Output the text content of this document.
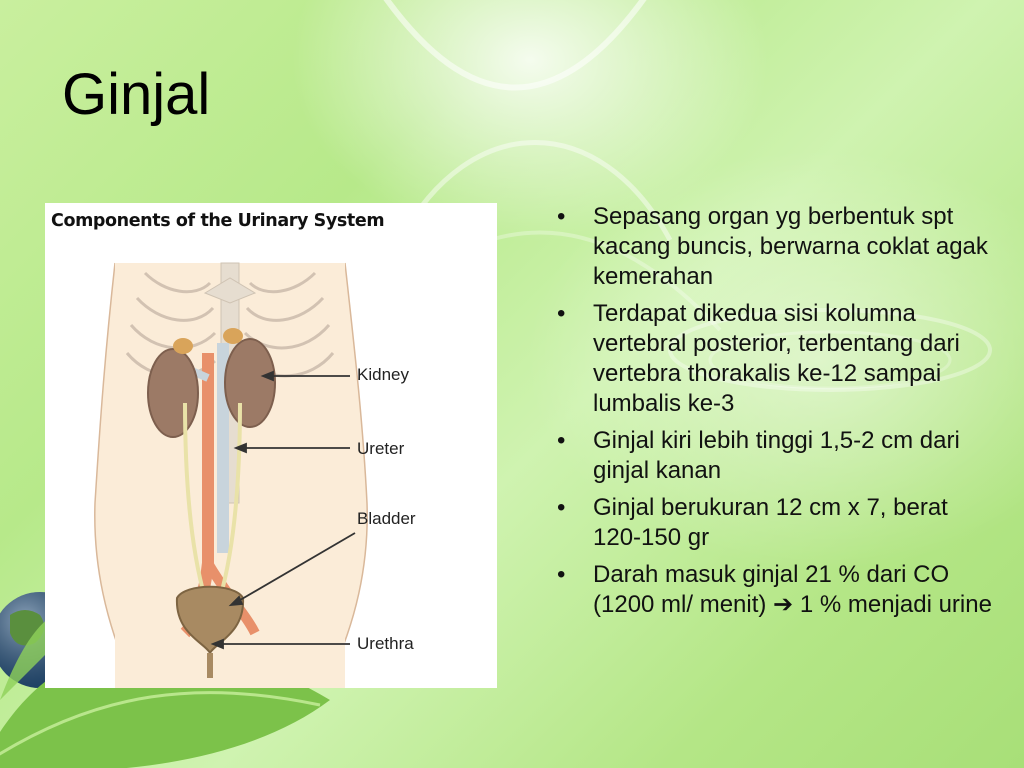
Ginjal
Components of the Urinary System
Kidney
Ureter
Bladder
Urethra
• Sepasang organ yg berbentuk spt kacang buncis, berwarna coklat agak kemerahan
• Terdapat dikedua sisi kolumna vertebral posterior, terbentang dari vertebra thorakalis ke-12 sampai lumbalis ke-3
• Ginjal kiri lebih tinggi 1,5-2 cm dari ginjal kanan
• Ginjal berukuran 12 cm x 7, berat 120-150 gr
• Darah masuk ginjal 21 % dari CO (1200 ml/ menit) ➔ 1 % menjadi urine
